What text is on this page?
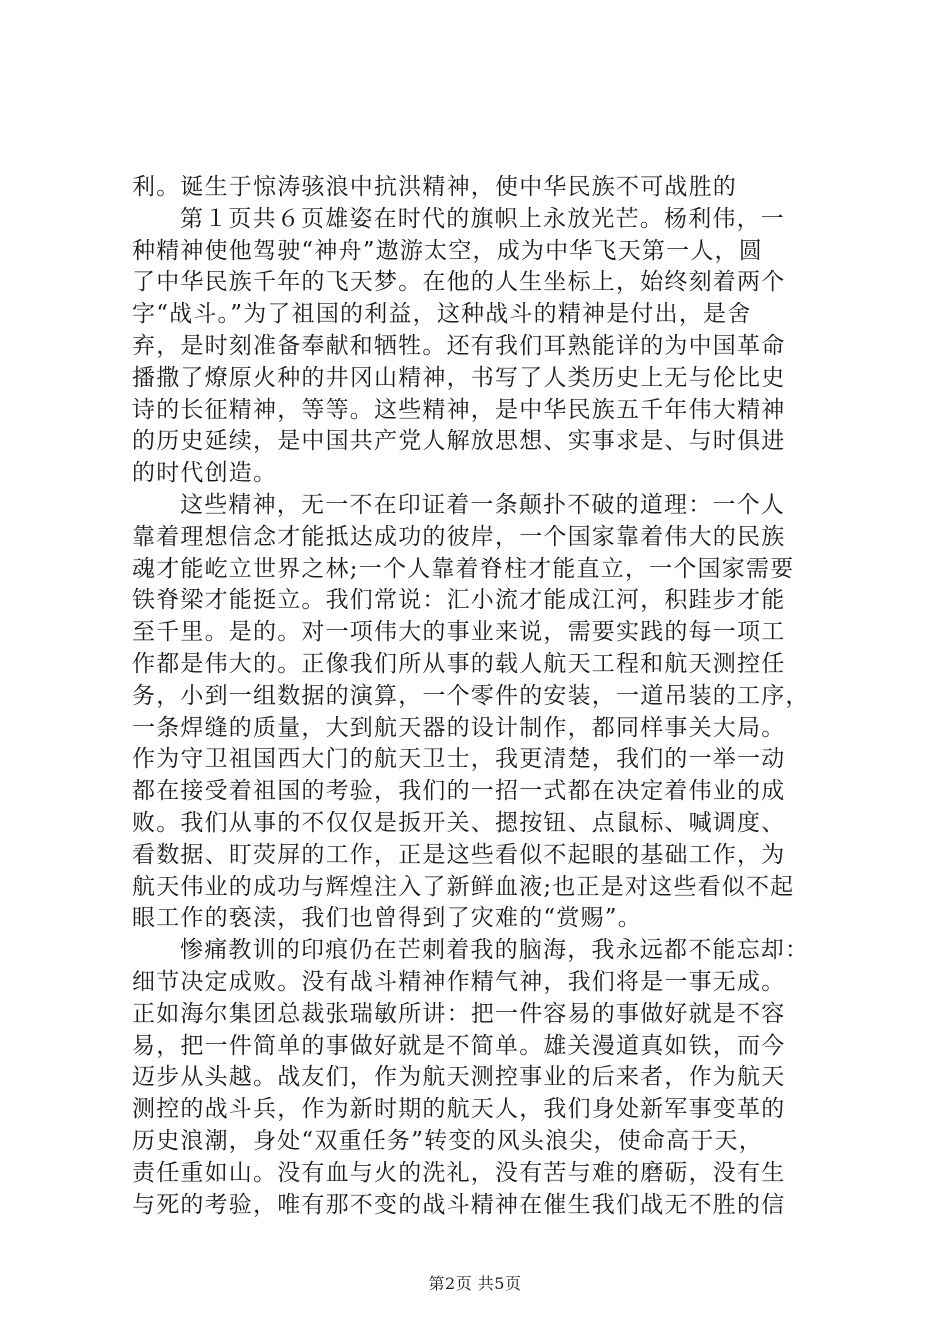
利。诞生于惊涛骇浪中抗洪精神，使中华民族不可战胜的
第１页共６页雄姿在时代的旗帜上永放光芒。杨利伟，一
种精神使他驾驶“神舟”遨游太空，成为中华飞天第一人，圆
了中华民族千年的飞天梦。在他的人生坐标上，始终刻着两个
字“战斗。”为了祖国的利益，这种战斗的精神是付出，是舍
弃，是时刻准备奉献和牺牲。还有我们耳熟能详的为中国革命
播撒了燎原火种的井冈山精神，书写了人类历史上无与伦比史
诗的长征精神，等等。这些精神，是中华民族五千年伟大精神
的历史延续，是中国共产党人解放思想、实事求是、与时俱进
的时代创造。
这些精神，无一不在印证着一条颠扑不破的道理：一个人
靠着理想信念才能抵达成功的彼岸，一个国家靠着伟大的民族
魂才能屹立世界之林;一个人靠着脊柱才能直立，一个国家需要
铁脊梁才能挺立。我们常说：汇小流才能成江河，积跬步才能
至千里。是的。对一项伟大的事业来说，需要实践的每一项工
作都是伟大的。正像我们所从事的载人航天工程和航天测控任
务，小到一组数据的演算，一个零件的安装，一道吊装的工序，
一条焊缝的质量，大到航天器的设计制作，都同样事关大局。
作为守卫祖国西大门的航天卫士，我更清楚，我们的一举一动
都在接受着祖国的考验，我们的一招一式都在决定着伟业的成
败。我们从事的不仅仅是扳开关、摁按钮、点鼠标、喊调度、
看数据、盯荧屏的工作，正是这些看似不起眼的基础工作，为
航天伟业的成功与辉煌注入了新鲜血液;也正是对这些看似不起
眼工作的亵渎，我们也曾得到了灾难的“赏赐”。
惨痛教训的印痕仍在芒刺着我的脑海，我永远都不能忘却：
细节决定成败。没有战斗精神作精气神，我们将是一事无成。
正如海尔集团总裁张瑞敏所讲：把一件容易的事做好就是不容
易，把一件简单的事做好就是不简单。雄关漫道真如铁，而今
迈步从头越。战友们，作为航天测控事业的后来者，作为航天
测控的战斗兵，作为新时期的航天人，我们身处新军事变革的
历史浪潮，身处“双重任务”转变的风头浪尖，使命高于天，
责任重如山。没有血与火的洗礼，没有苦与难的磨砺，没有生
与死的考验，唯有那不变的战斗精神在催生我们战无不胜的信
第2页 共5页
